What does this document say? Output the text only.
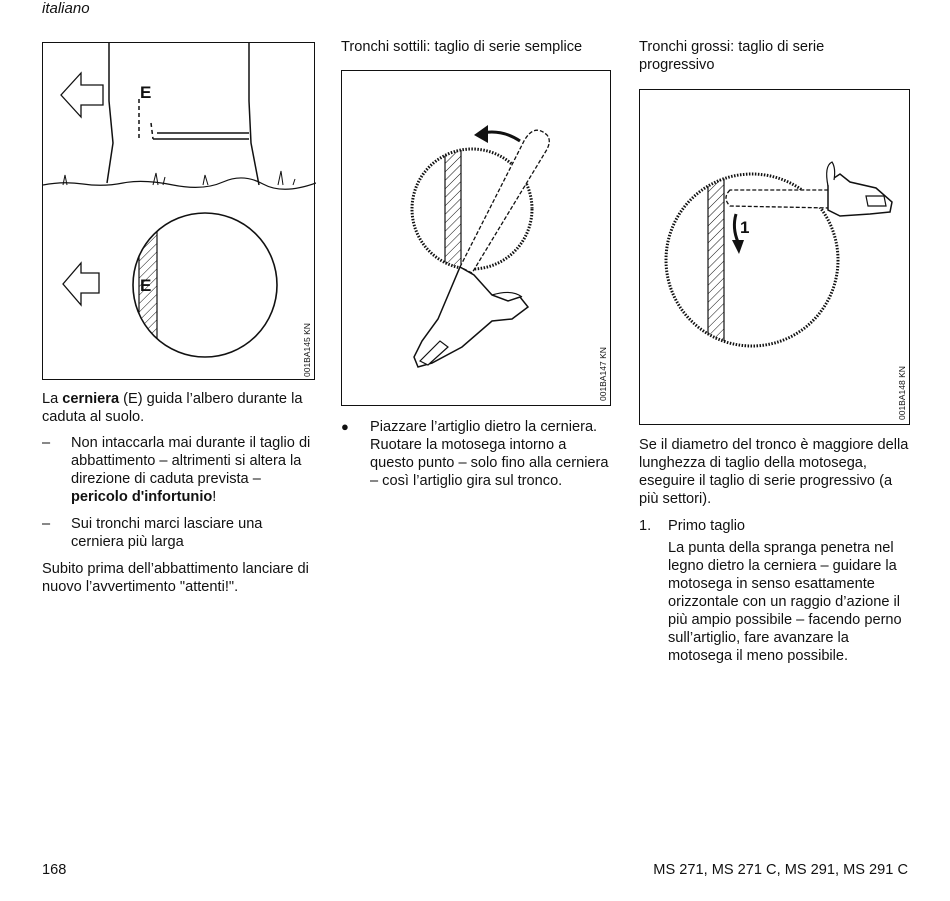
italiano
E
E
001BA145 KN

La cerniera (E) guida l’albero durante la caduta al suolo.

– Non intaccarla mai durante il taglio di abbattimento – altrimenti si altera la direzione di caduta prevista – pericolo d'infortunio!
– Sui tronchi marci lasciare una cerniera più larga
Subito prima dell’abbattimento lanciare di nuovo l’avvertimento "attenti!".
Tronchi sottili: taglio di serie semplice
001BA147 KN
● Piazzare l’artiglio dietro la cerniera. Ruotare la motosega intorno a questo punto – solo fino alla cerniera – così l’artiglio gira sul tronco.
Tronchi grossi: taglio di serie progressivo
1
001BA148 KN
Se il diametro del tronco è maggiore della lunghezza di taglio della motosega, eseguire il taglio di serie progressivo (a più settori).
1. Primo taglio
La punta della spranga penetra nel legno dietro la cerniera – guidare la motosega in senso esattamente orizzontale con un raggio d’azione il più ampio possibile – facendo perno sull’artiglio, fare avanzare la motosega il meno possibile.
168	MS 271, MS 271 C, MS 291, MS 291 C
